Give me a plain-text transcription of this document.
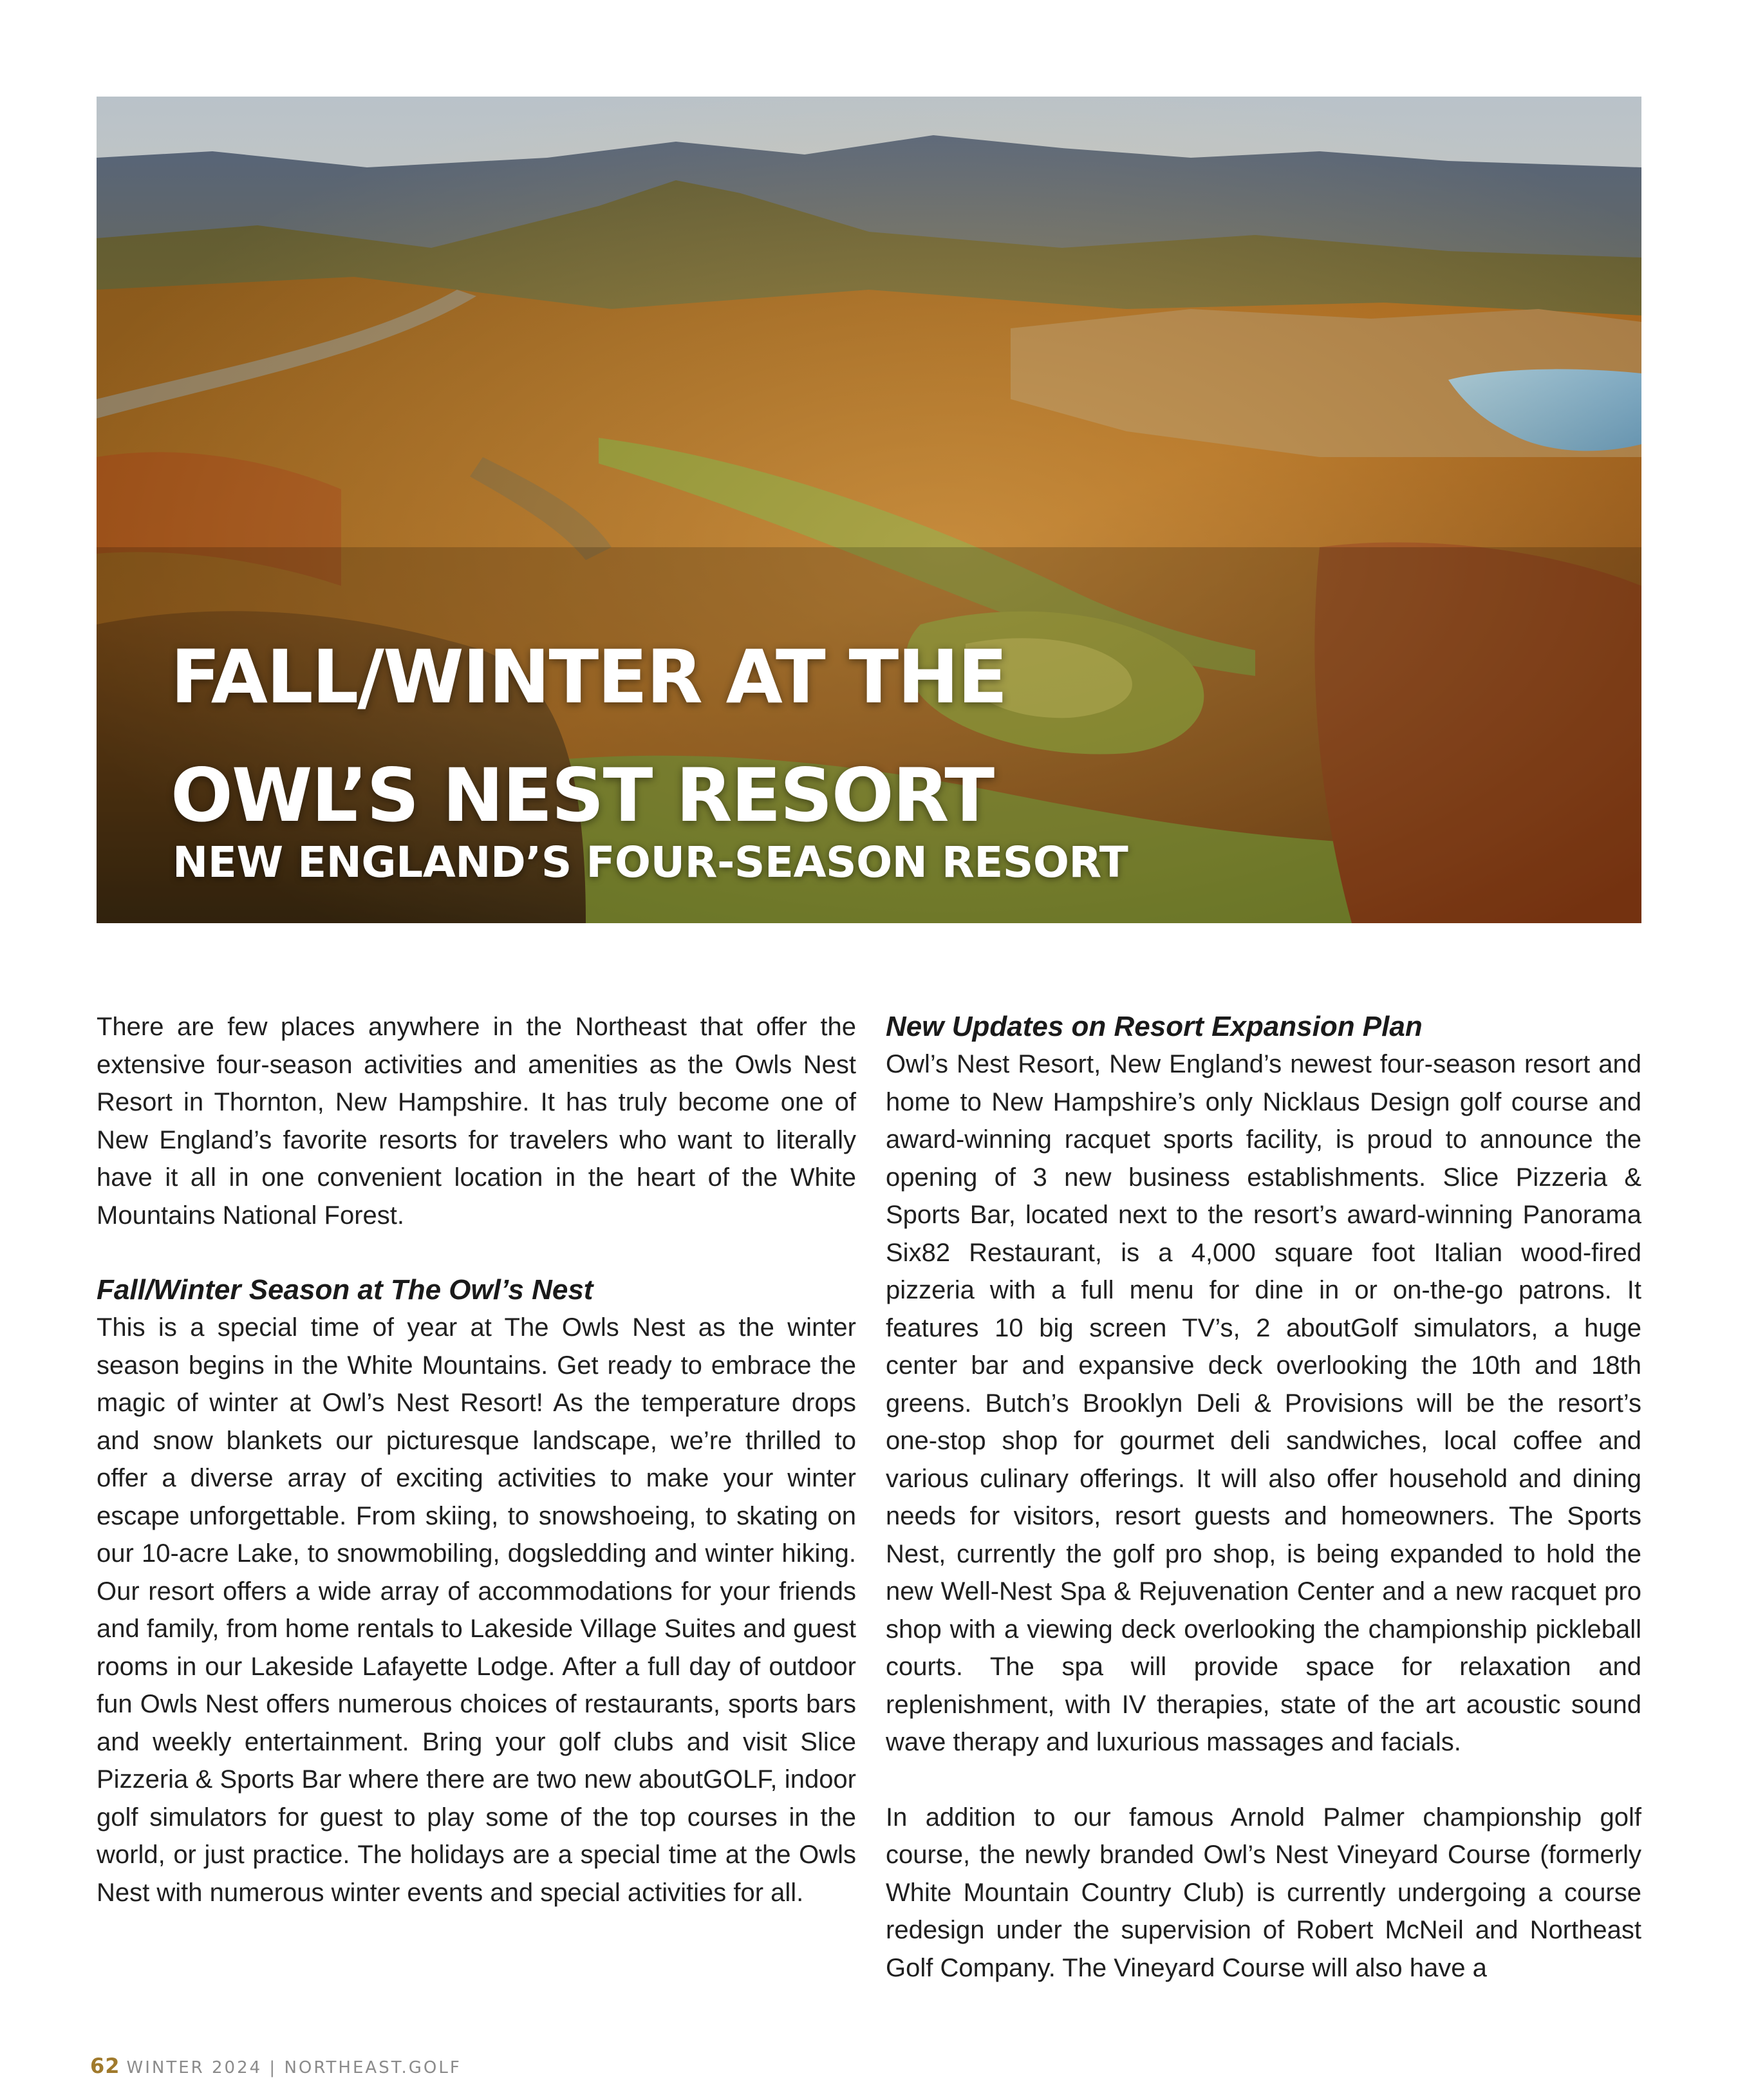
FALL/WINTER AT THE
OWL’S NEST RESORT
NEW ENGLAND’S FOUR-SEASON RESORT

There are few places anywhere in the Northeast that offer the extensive four-season activities and amenities as the Owls Nest Resort in Thornton, New Hampshire. It has truly become one of New England’s favorite resorts for travelers who want to literally have it all in one convenient location in the heart of the White Mountains National Forest.

Fall/Winter Season at The Owl’s Nest

This is a special time of year at The Owls Nest as the winter season begins in the White Mountains. Get ready to embrace the magic of winter at Owl’s Nest Resort! As the temperature drops and snow blankets our picturesque landscape, we’re thrilled to offer a diverse array of exciting activities to make your winter escape unforgettable. From skiing, to snowshoeing, to skating on our 10-acre Lake, to snowmobiling, dogsledding and winter hiking. Our resort offers a wide array of accommodations for your friends and family, from home rentals to Lakeside Village Suites and guest rooms in our Lakeside Lafayette Lodge. After a full day of outdoor fun Owls Nest offers numerous choices of restaurants, sports bars and weekly entertainment. Bring your golf clubs and visit Slice Pizzeria & Sports Bar where there are two new aboutGOLF, indoor golf simulators for guest to play some of the top courses in the world, or just practice. The holidays are a special time at the Owls Nest with numerous winter events and special activities for all.

New Updates on Resort Expansion Plan

Owl’s Nest Resort, New England’s newest four-season resort and home to New Hampshire’s only Nicklaus Design golf course and award-winning racquet sports facility, is proud to announce the opening of 3 new business establishments. Slice Pizzeria & Sports Bar, located next to the resort’s award-winning Panorama Six82 Restaurant, is a 4,000 square foot Italian wood-fired pizzeria with a full menu for dine in or on-the-go patrons. It features 10 big screen TV’s, 2 aboutGolf simulators, a huge center bar and expansive deck overlooking the 10th and 18th greens. Butch’s Brooklyn Deli & Provisions will be the resort’s one-stop shop for gourmet deli sandwiches, local coffee and various culinary offerings. It will also offer household and dining needs for visitors, resort guests and homeowners. The Sports Nest, currently the golf pro shop, is being expanded to hold the new Well-Nest Spa & Rejuvenation Center and a new racquet pro shop with a viewing deck overlooking the championship pickleball courts. The spa will provide space for relaxation and replenishment, with IV therapies, state of the art acoustic sound wave therapy and luxurious massages and facials.

In addition to our famous Arnold Palmer championship golf course, the newly branded Owl’s Nest Vineyard Course (formerly White Mountain Country Club) is currently undergoing a course redesign under the supervision of Robert McNeil and Northeast Golf Company. The Vineyard Course will also have a

62 WINTER 2024 | NORTHEAST.GOLF
